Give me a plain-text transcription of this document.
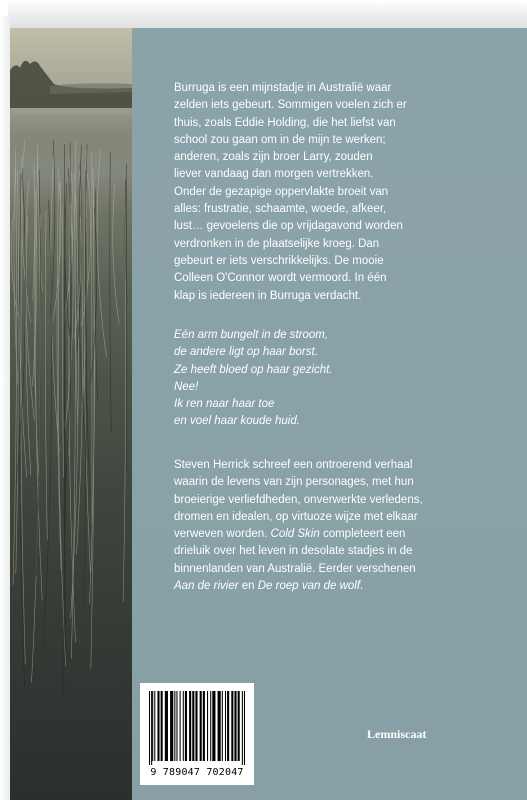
Burruga is een mijnstadje in Australië waar

zelden iets gebeurt. Sommigen voelen zich er

thuis, zoals Eddie Holding, die het liefst van

school zou gaan om in de mijn te werken;

anderen, zoals zijn broer Larry, zouden

liever vandaag dan morgen vertrekken.

Onder de gezapige oppervlakte broeit van

alles: frustratie, schaamte, woede, afkeer,

lust… gevoelens die op vrijdagavond worden

verdronken in de plaatselijke kroeg. Dan

gebeurt er iets verschrikkelijks. De mooie

Colleen O'Connor wordt vermoord. In één

klap is iedereen in Burruga verdacht.

Eén arm bungelt in de stroom,

de andere ligt op haar borst.

Ze heeft bloed op haar gezicht.

Nee!

Ik ren naar haar toe

en voel haar koude huid.

Steven Herrick schreef een ontroerend verhaal

waarin de levens van zijn personages, met hun

broeierige verliefdheden, onverwerkte verledens,

dromen en idealen, op virtuoze wijze met elkaar

verweven worden. Cold Skin completeert een

drieluik over het leven in desolate stadjes in de

binnenlanden van Australië. Eerder verschenen

Aan de rivier en De roep van de wolf.

9 789047 702047
Lemniscaat
